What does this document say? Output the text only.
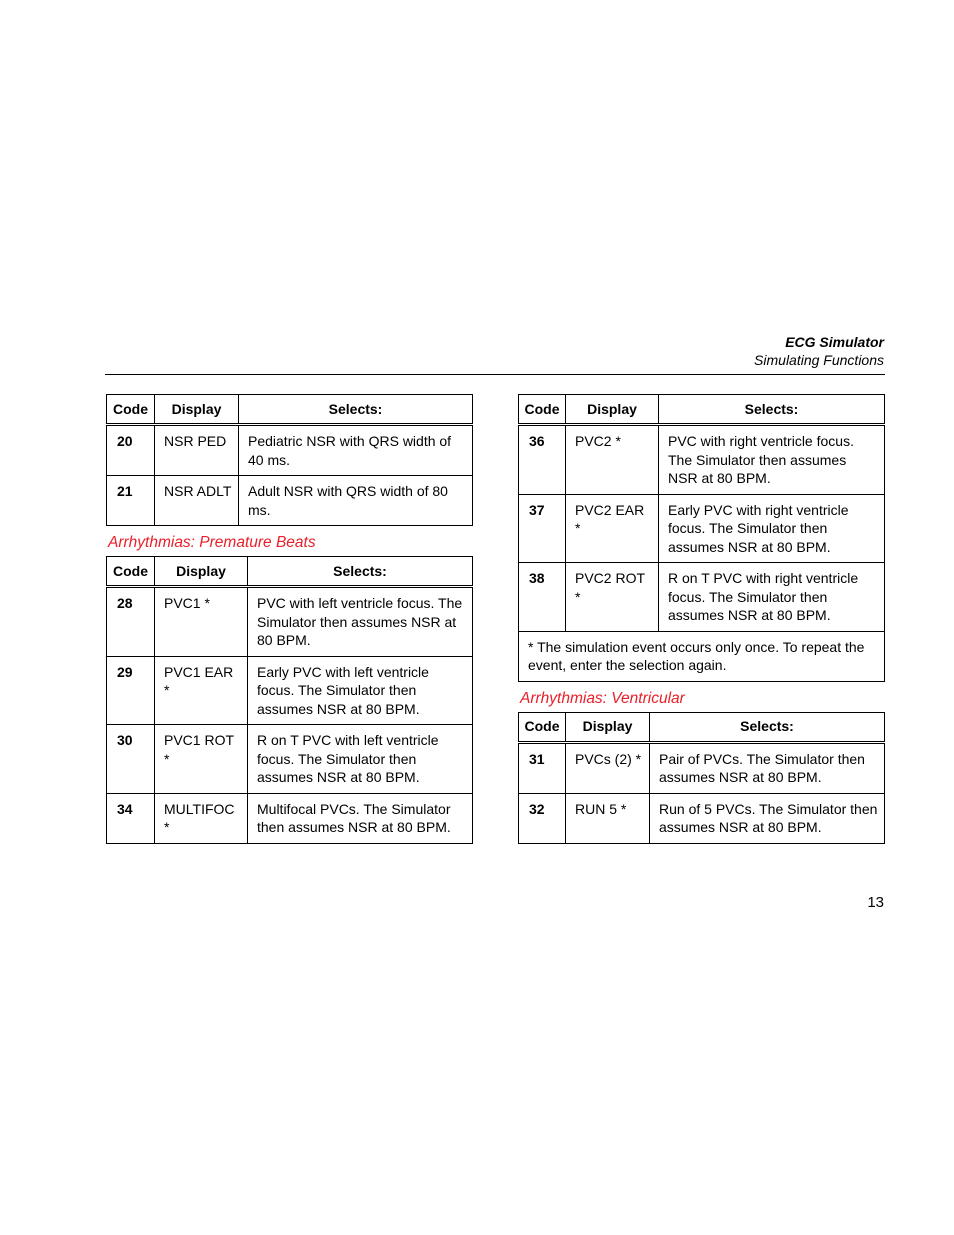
ECG Simulator
Simulating Functions
Code	Display	Selects:
20	NSR PED	Pediatric NSR with QRS width of 40 ms.
21	NSR ADLT	Adult NSR with QRS width of 80 ms.
Arrhythmias: Premature Beats
Code	Display	Selects:
28	PVC1 *	PVC with left ventricle focus. The Simulator then assumes NSR at 80 BPM.
29	PVC1 EAR *	Early PVC with left ventricle focus. The Simulator then assumes NSR at 80 BPM.
30	PVC1 ROT *	R on T PVC with left ventricle focus. The Simulator then assumes NSR at 80 BPM.
34	MULTIFOC *	Multifocal PVCs. The Simulator then assumes NSR at 80 BPM.
Code	Display	Selects:
36	PVC2 *	PVC with right ventricle focus. The Simulator then assumes NSR at 80 BPM.
37	PVC2 EAR *	Early PVC with right ventricle focus. The Simulator then assumes NSR at 80 BPM.
38	PVC2 ROT *	R on T PVC with right ventricle focus. The Simulator then assumes NSR at 80 BPM.
* The simulation event occurs only once. To repeat the event, enter the selection again.		
Arrhythmias: Ventricular
Code	Display	Selects:
31	PVCs (2) *	Pair of PVCs. The Simulator then assumes NSR at 80 BPM.
32	RUN 5 *	Run of 5 PVCs. The Simulator then assumes NSR at 80 BPM.
13
